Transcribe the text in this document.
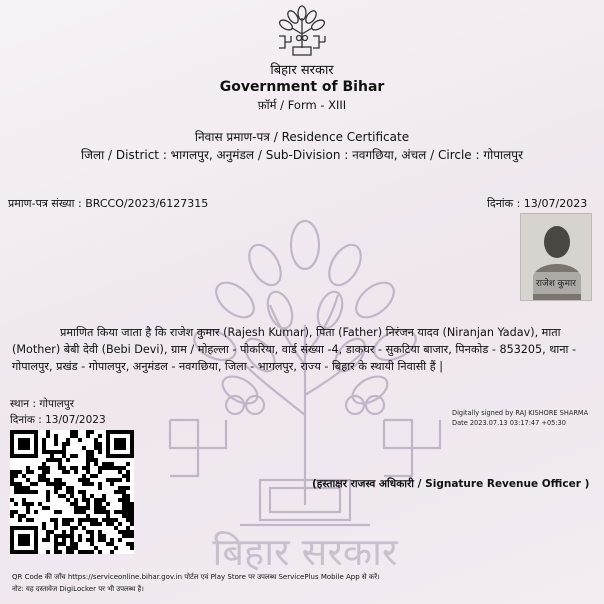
बिहार सरकार
बिहार सरकार
Government of Bihar
फ़ॉर्म / Form - XIII
निवास प्रमाण-पत्र / Residence Certificate
जिला / District : भागलपुर, अनुमंडल / Sub-Division : नवगछिया, अंचल / Circle : गोपालपुर
प्रमाण-पत्र संख्या : BRCCO/2023/6127315	दिनांक : 13/07/2023
राजेश कुमार

प्रमाणित किया जाता है कि राजेश कुमार (Rajesh Kumar), पिता (Father) निरंजन यादव (Niranjan Yadav), माता (Mother) बेबी देवी (Bebi Devi), ग्राम / मोहल्ला - पोकरिया, वार्ड संख्या -4, डाकघर - सुकटिया बाजार, पिनकोड - 853205, थाना - गोपालपुर, प्रखंड - गोपालपुर, अनुमंडल - नवगछिया, जिला - भागलपुर, राज्य - बिहार के स्थायी निवासी हैं |

स्थान : गोपालपुर
दिनांक : 13/07/2023
Digitally signed by RAJ KISHORE SHARMA
Date 2023.07.13 03:17:47 +05:30
(हस्ताक्षर राजस्व अधिकारी / Signature Revenue Officer )
QR Code की जाँच https://serviceonline.bihar.gov.in पोर्टल एवं Play Store पर उपलब्ध ServicePlus Mobile App से करें।
नोट: यह दस्तावेज DigiLocker पर भी उपलब्ध है।
